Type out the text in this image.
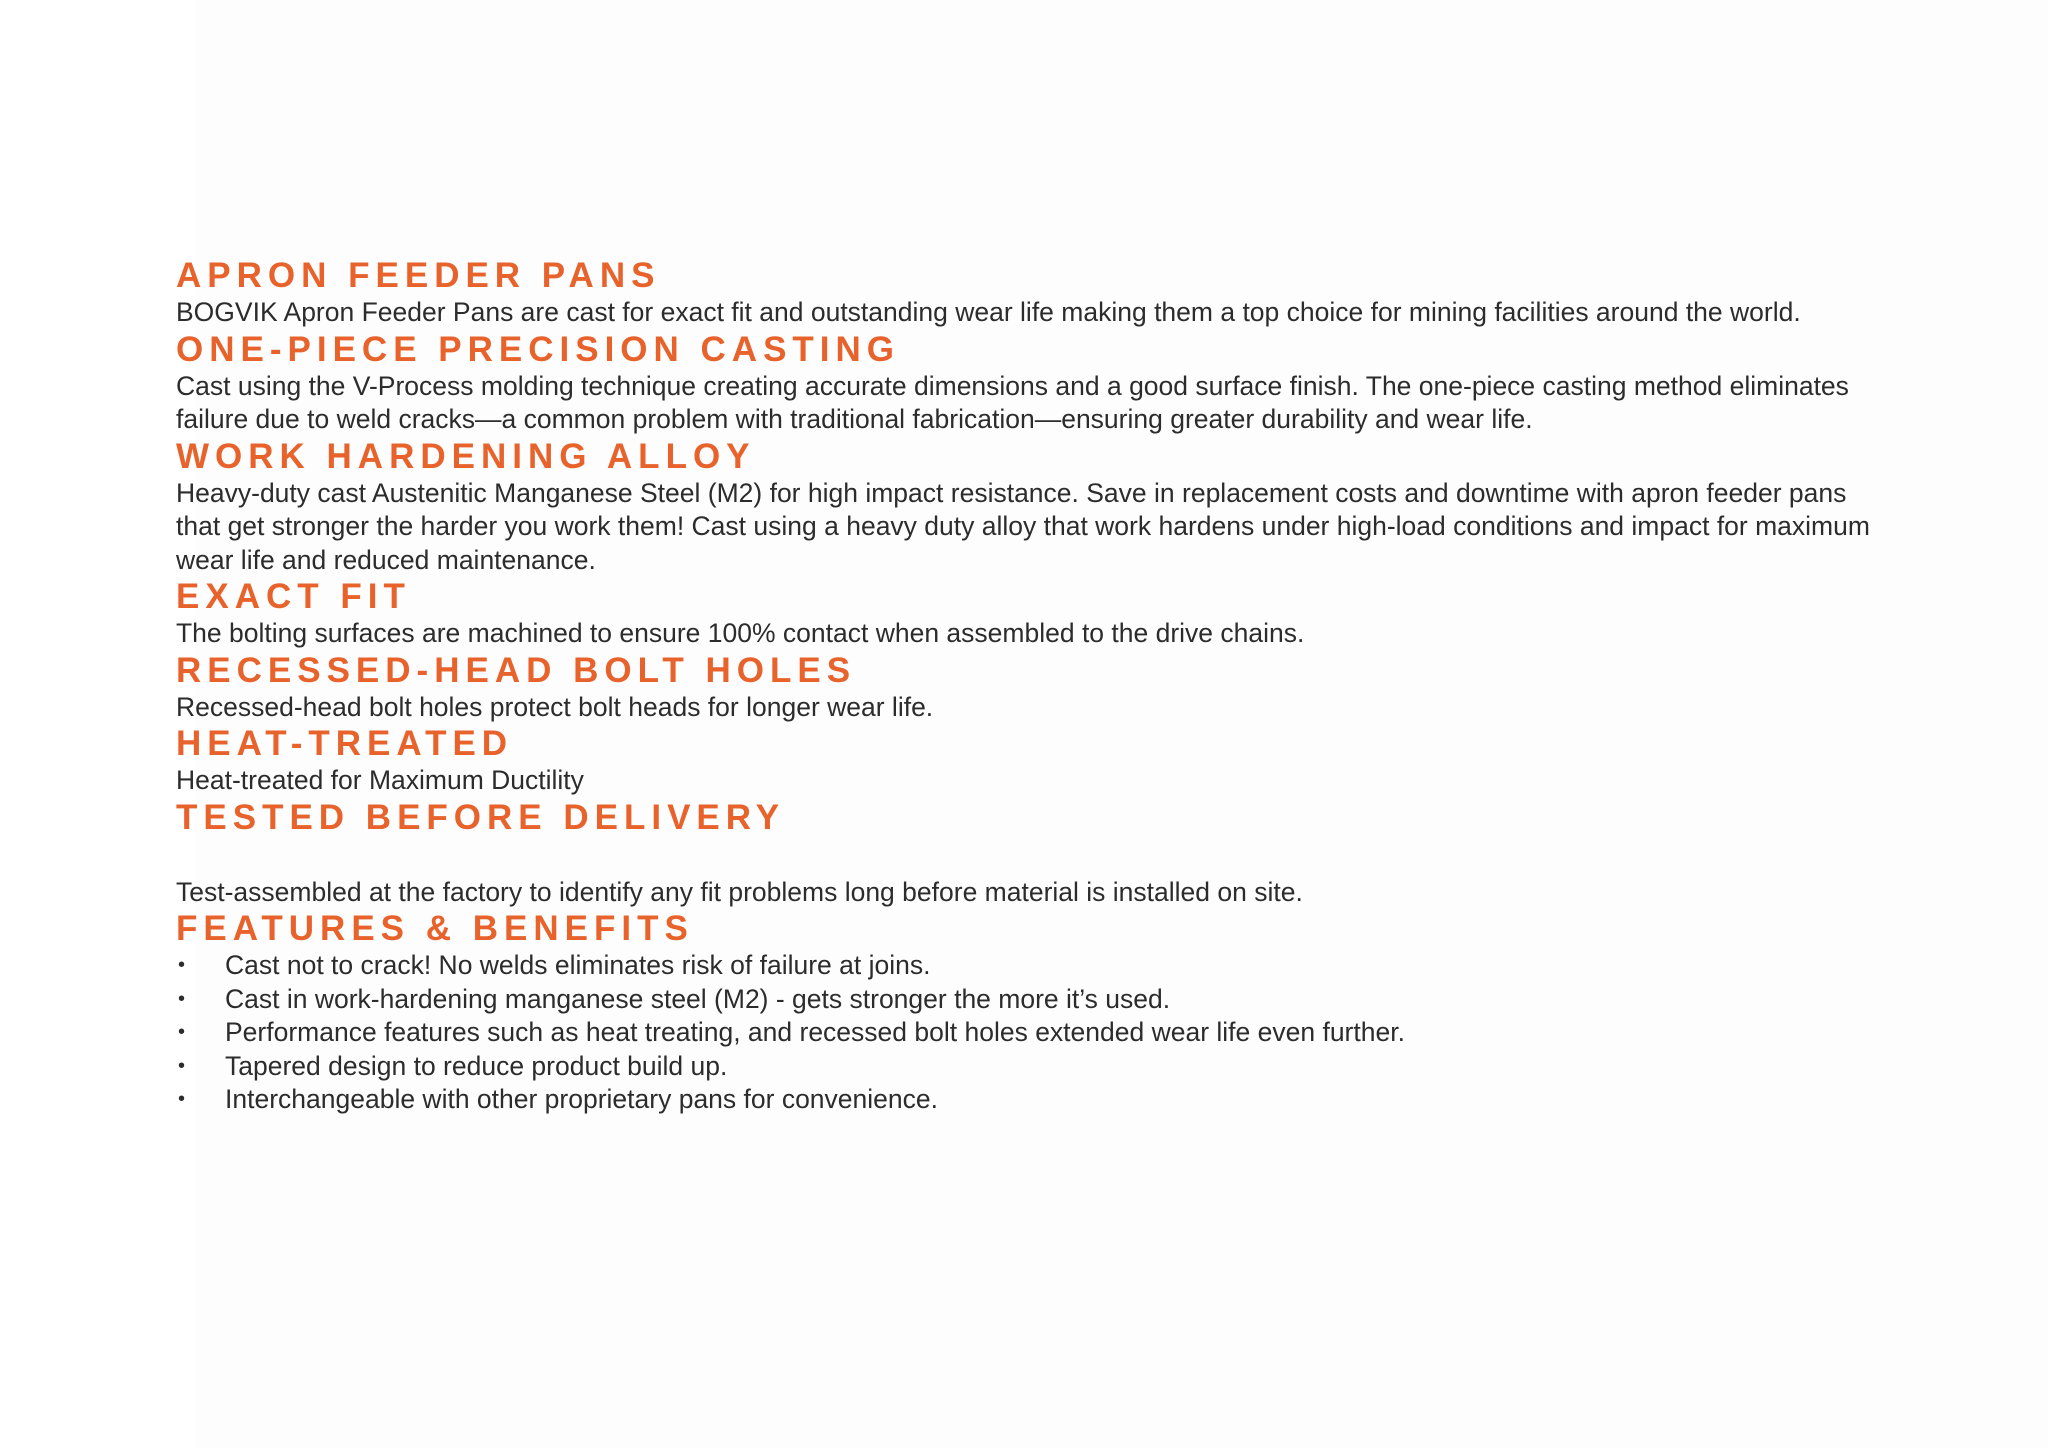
APRON FEEDER PANS

BOGVIK Apron Feeder Pans are cast for exact fit and outstanding wear life making them a top choice for mining facilities around the world.

ONE-PIECE PRECISION CASTING

Cast using the V-Process molding technique creating accurate dimensions and a good surface finish. The one-piece casting method eliminates failure due to weld cracks—a common problem with traditional fabrication—ensuring greater durability and wear life.

WORK HARDENING ALLOY

Heavy-duty cast Austenitic Manganese Steel (M2) for high impact resistance. Save in replacement costs and downtime with apron feeder pans that get stronger the harder you work them! Cast using a heavy duty alloy that work hardens under high-load conditions and impact for maximum wear life and reduced maintenance.

EXACT FIT

The bolting surfaces are machined to ensure 100% contact when assembled to the drive chains.

RECESSED-HEAD BOLT HOLES

Recessed-head bolt holes protect bolt heads for longer wear life.

HEAT-TREATED

Heat-treated for Maximum Ductility

TESTED BEFORE DELIVERY

Test-assembled at the factory to identify any fit problems long before material is installed on site.

FEATURES & BENEFITS
• Cast not to crack! No welds eliminates risk of failure at joins.
• Cast in work-hardening manganese steel (M2) - gets stronger the more it’s used.
• Performance features such as heat treating, and recessed bolt holes extended wear life even further.
• Tapered design to reduce product build up.
• Interchangeable with other proprietary pans for convenience.
